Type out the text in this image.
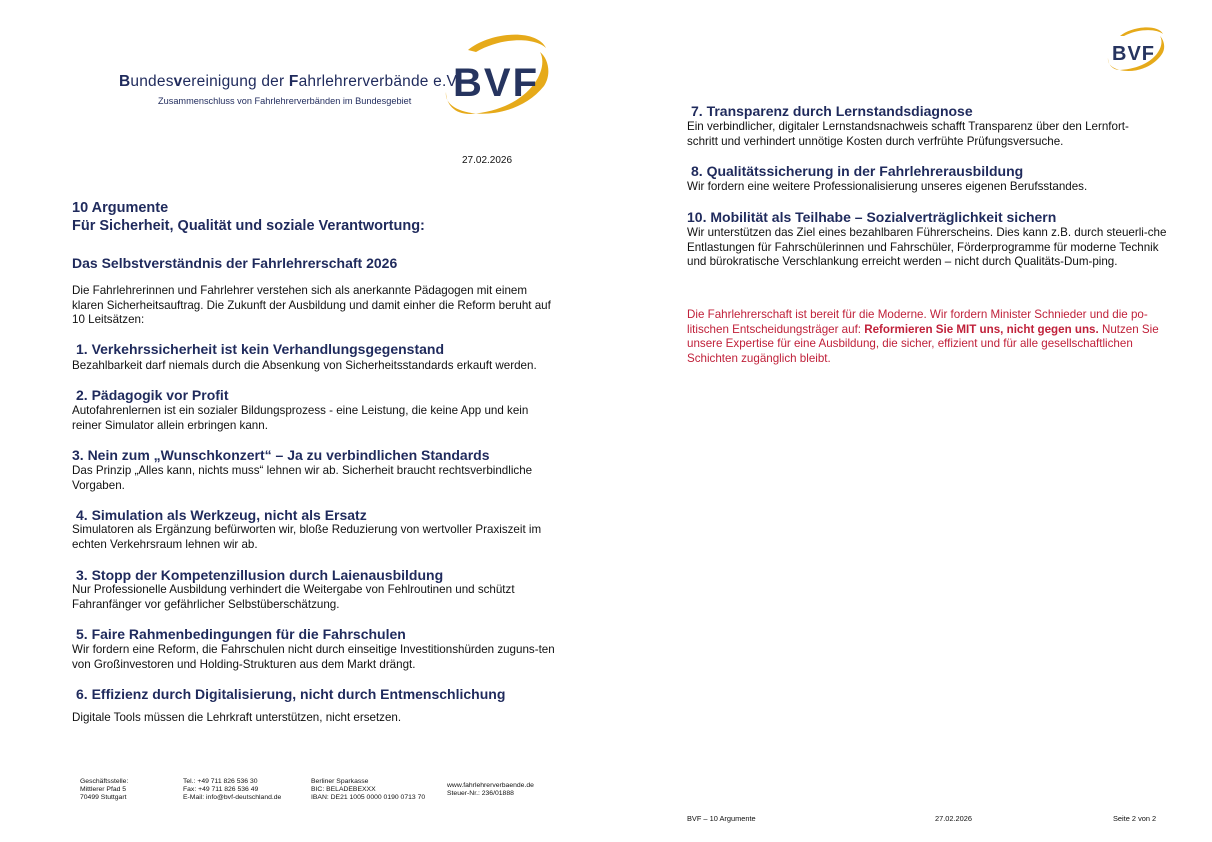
Bundesvereinigung der Fahrlehrerverbände e.V.
Zusammenschluss von Fahrlehrerverbänden im Bundesgebiet BVF
27.02.2026
10 Argumente
Für Sicherheit, Qualität und soziale Verantwortung:
Das Selbstverständnis der Fahrlehrerschaft 2026
Die Fahrlehrerinnen und Fahrlehrer verstehen sich als anerkannte Pädagogen mit einem klaren Sicherheitsauftrag. Die Zukunft der Ausbildung und damit einher die Reform beruht auf 10 Leitsätzen:
1. Verkehrssicherheit ist kein Verhandlungsgegenstand
Bezahlbarkeit darf niemals durch die Absenkung von Sicherheitsstandards erkauft werden.
2. Pädagogik vor Profit
Autofahrenlernen ist ein sozialer Bildungsprozess - eine Leistung, die keine App und kein reiner Simulator allein erbringen kann.
3. Nein zum „Wunschkonzert“ – Ja zu verbindlichen Standards
Das Prinzip „Alles kann, nichts muss“ lehnen wir ab. Sicherheit braucht rechtsverbindliche Vorgaben.
4. Simulation als Werkzeug, nicht als Ersatz
Simulatoren als Ergänzung befürworten wir, bloße Reduzierung von wertvoller Praxiszeit im echten Verkehrsraum lehnen wir ab.
3. Stopp der Kompetenzillusion durch Laienausbildung
Nur Professionelle Ausbildung verhindert die Weitergabe von Fehlroutinen und schützt Fahranfänger vor gefährlicher Selbstüberschätzung.
5. Faire Rahmenbedingungen für die Fahrschulen
Wir fordern eine Reform, die Fahrschulen nicht durch einseitige Investitionshürden zuguns-ten von Großinvestoren und Holding-Strukturen aus dem Markt drängt.
6. Effizienz durch Digitalisierung, nicht durch Entmenschlichung
Digitale Tools müssen die Lehrkraft unterstützen, nicht ersetzen.
Geschäftsstelle:
Mittlerer Pfad 5
70499 Stuttgart
Tel.: +49 711 826 536 30
Fax: +49 711 826 536 49
E-Mail: info@bvf-deutschland.de
Berliner Sparkasse
BIC: BELADEBEXXX
IBAN: DE21 1005 0000 0190 0713 70
www.fahrlehrerverbaende.de
Steuer-Nr.: 236/01888
BVF
7. Transparenz durch Lernstandsdiagnose
Ein verbindlicher, digitaler Lernstandsnachweis schafft Transparenz über den Lernfort-schritt und verhindert unnötige Kosten durch verfrühte Prüfungsversuche.
8. Qualitätssicherung in der Fahrlehrerausbildung
Wir fordern eine weitere Professionalisierung unseres eigenen Berufsstandes.
10. Mobilität als Teilhabe – Sozialverträglichkeit sichern
Wir unterstützen das Ziel eines bezahlbaren Führerscheins. Dies kann z.B. durch steuerli-che Entlastungen für Fahrschülerinnen und Fahrschüler, Förderprogramme für moderne Technik und bürokratische Verschlankung erreicht werden – nicht durch Qualitäts-Dum-ping.
Die Fahrlehrerschaft ist bereit für die Moderne. Wir fordern Minister Schnieder und die po-litischen Entscheidungsträger auf: Reformieren Sie MIT uns, nicht gegen uns. Nutzen Sie unsere Expertise für eine Ausbildung, die sicher, effizient und für alle gesellschaftlichen Schichten zugänglich bleibt.
BVF – 10 Argumente	27.02.2026	Seite 2 von 2
